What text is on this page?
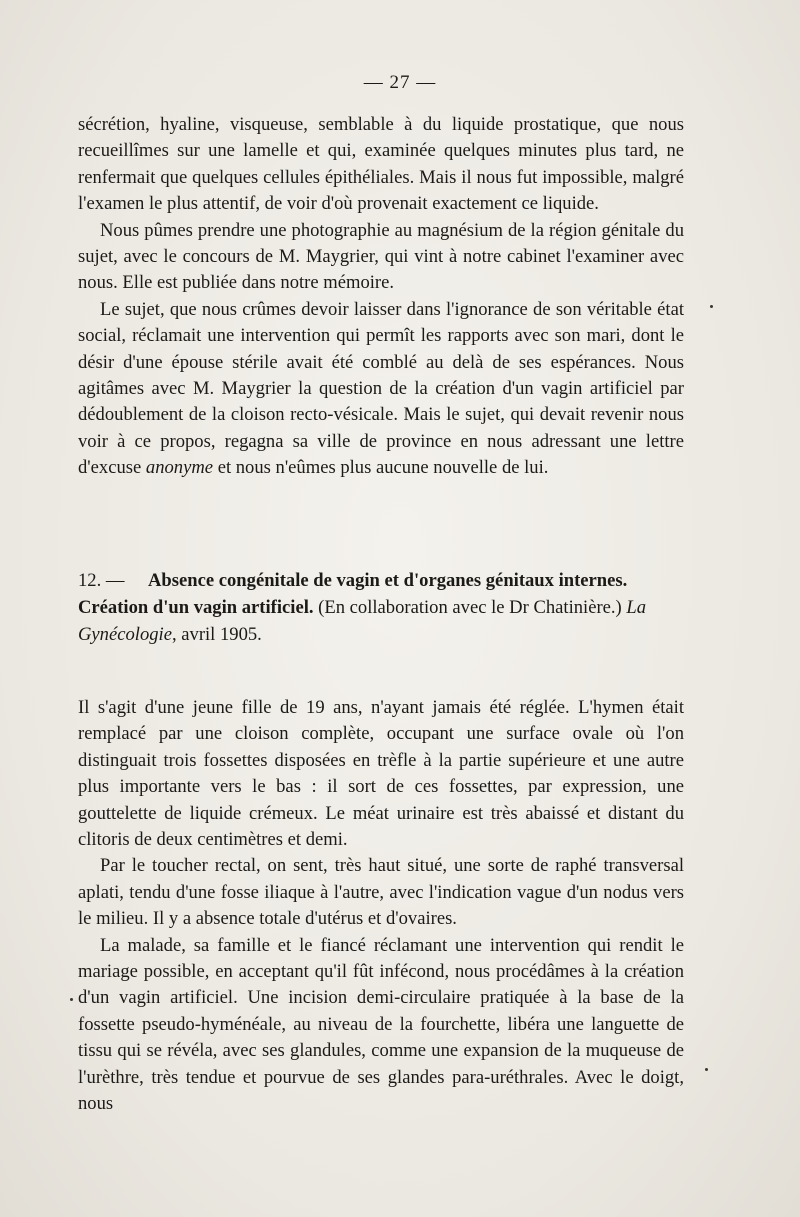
— 27 —

sécrétion, hyaline, visqueuse, semblable à du liquide prostatique, que nous recueillîmes sur une lamelle et qui, examinée quelques minutes plus tard, ne renfermait que quelques cellules épithéliales. Mais il nous fut impossible, malgré l'examen le plus attentif, de voir d'où provenait exactement ce liquide.

Nous pûmes prendre une photographie au magnésium de la région génitale du sujet, avec le concours de M. Maygrier, qui vint à notre cabinet l'examiner avec nous. Elle est publiée dans notre mémoire.

Le sujet, que nous crûmes devoir laisser dans l'ignorance de son véritable état social, réclamait une intervention qui permît les rapports avec son mari, dont le désir d'une épouse stérile avait été comblé au delà de ses espérances. Nous agitâmes avec M. Maygrier la question de la création d'un vagin artificiel par dédoublement de la cloison recto-vésicale. Mais le sujet, qui devait revenir nous voir à ce propos, regagna sa ville de province en nous adressant une lettre d'excuse anonyme et nous n'eûmes plus aucune nouvelle de lui.

12. — Absence congénitale de vagin et d'organes génitaux internes. Création d'un vagin artificiel. (En collaboration avec le Dr Chatinière.) La Gynécologie, avril 1905.

Il s'agit d'une jeune fille de 19 ans, n'ayant jamais été réglée. L'hymen était remplacé par une cloison complète, occupant une surface ovale où l'on distinguait trois fossettes disposées en trèfle à la partie supérieure et une autre plus importante vers le bas : il sort de ces fossettes, par expression, une gouttelette de liquide crémeux. Le méat urinaire est très abaissé et distant du clitoris de deux centimètres et demi.

Par le toucher rectal, on sent, très haut situé, une sorte de raphé transversal aplati, tendu d'une fosse iliaque à l'autre, avec l'indication vague d'un nodus vers le milieu. Il y a absence totale d'utérus et d'ovaires.

La malade, sa famille et le fiancé réclamant une intervention qui rendit le mariage possible, en acceptant qu'il fût infécond, nous procédâmes à la création d'un vagin artificiel. Une incision demi-circulaire pratiquée à la base de la fossette pseudo-hyménéale, au niveau de la fourchette, libéra une languette de tissu qui se révéla, avec ses glandules, comme une expansion de la muqueuse de l'urèthre, très tendue et pourvue de ses glandes para-uréthrales. Avec le doigt, nous
